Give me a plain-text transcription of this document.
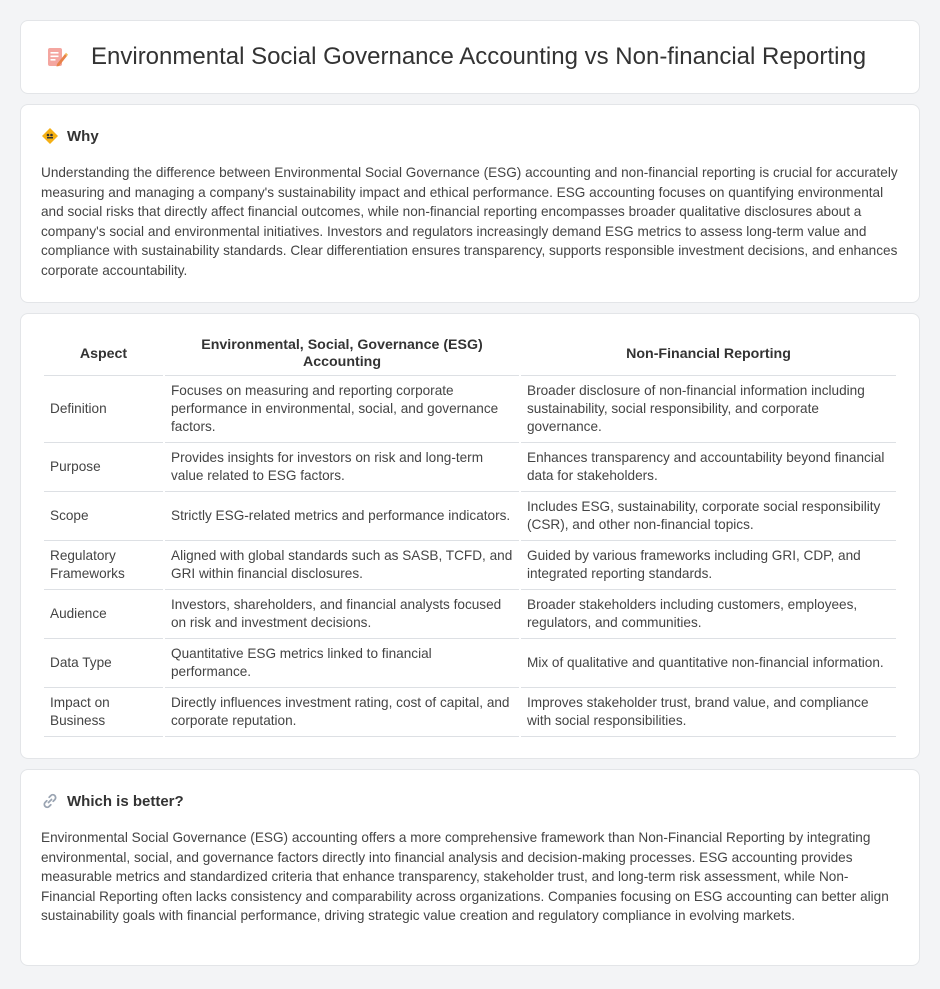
Environmental Social Governance Accounting vs Non-financial Reporting
Why

Understanding the difference between Environmental Social Governance (ESG) accounting and non-financial reporting is crucial for accurately measuring and managing a company's sustainability impact and ethical performance. ESG accounting focuses on quantifying environmental and social risks that directly affect financial outcomes, while non-financial reporting encompasses broader qualitative disclosures about a company's social and environmental initiatives. Investors and regulators increasingly demand ESG metrics to assess long-term value and compliance with sustainability standards. Clear differentiation ensures transparency, supports responsible investment decisions, and enhances corporate accountability.

Aspect	Environmental, Social, Governance (ESG) Accounting	Non-Financial Reporting
Definition	Focuses on measuring and reporting corporate performance in environmental, social, and governance factors.	Broader disclosure of non-financial information including sustainability, social responsibility, and corporate governance.
Purpose	Provides insights for investors on risk and long-term value related to ESG factors.	Enhances transparency and accountability beyond financial data for stakeholders.
Scope	Strictly ESG-related metrics and performance indicators.	Includes ESG, sustainability, corporate social responsibility (CSR), and other non-financial topics.
Regulatory Frameworks	Aligned with global standards such as SASB, TCFD, and GRI within financial disclosures.	Guided by various frameworks including GRI, CDP, and integrated reporting standards.
Audience	Investors, shareholders, and financial analysts focused on risk and investment decisions.	Broader stakeholders including customers, employees, regulators, and communities.
Data Type	Quantitative ESG metrics linked to financial performance.	Mix of qualitative and quantitative non-financial information.
Impact on Business	Directly influences investment rating, cost of capital, and corporate reputation.	Improves stakeholder trust, brand value, and compliance with social responsibilities.
Which is better?

Environmental Social Governance (ESG) accounting offers a more comprehensive framework than Non-Financial Reporting by integrating environmental, social, and governance factors directly into financial analysis and decision-making processes. ESG accounting provides measurable metrics and standardized criteria that enhance transparency, stakeholder trust, and long-term risk assessment, while Non-Financial Reporting often lacks consistency and comparability across organizations. Companies focusing on ESG accounting can better align sustainability goals with financial performance, driving strategic value creation and regulatory compliance in evolving markets.
